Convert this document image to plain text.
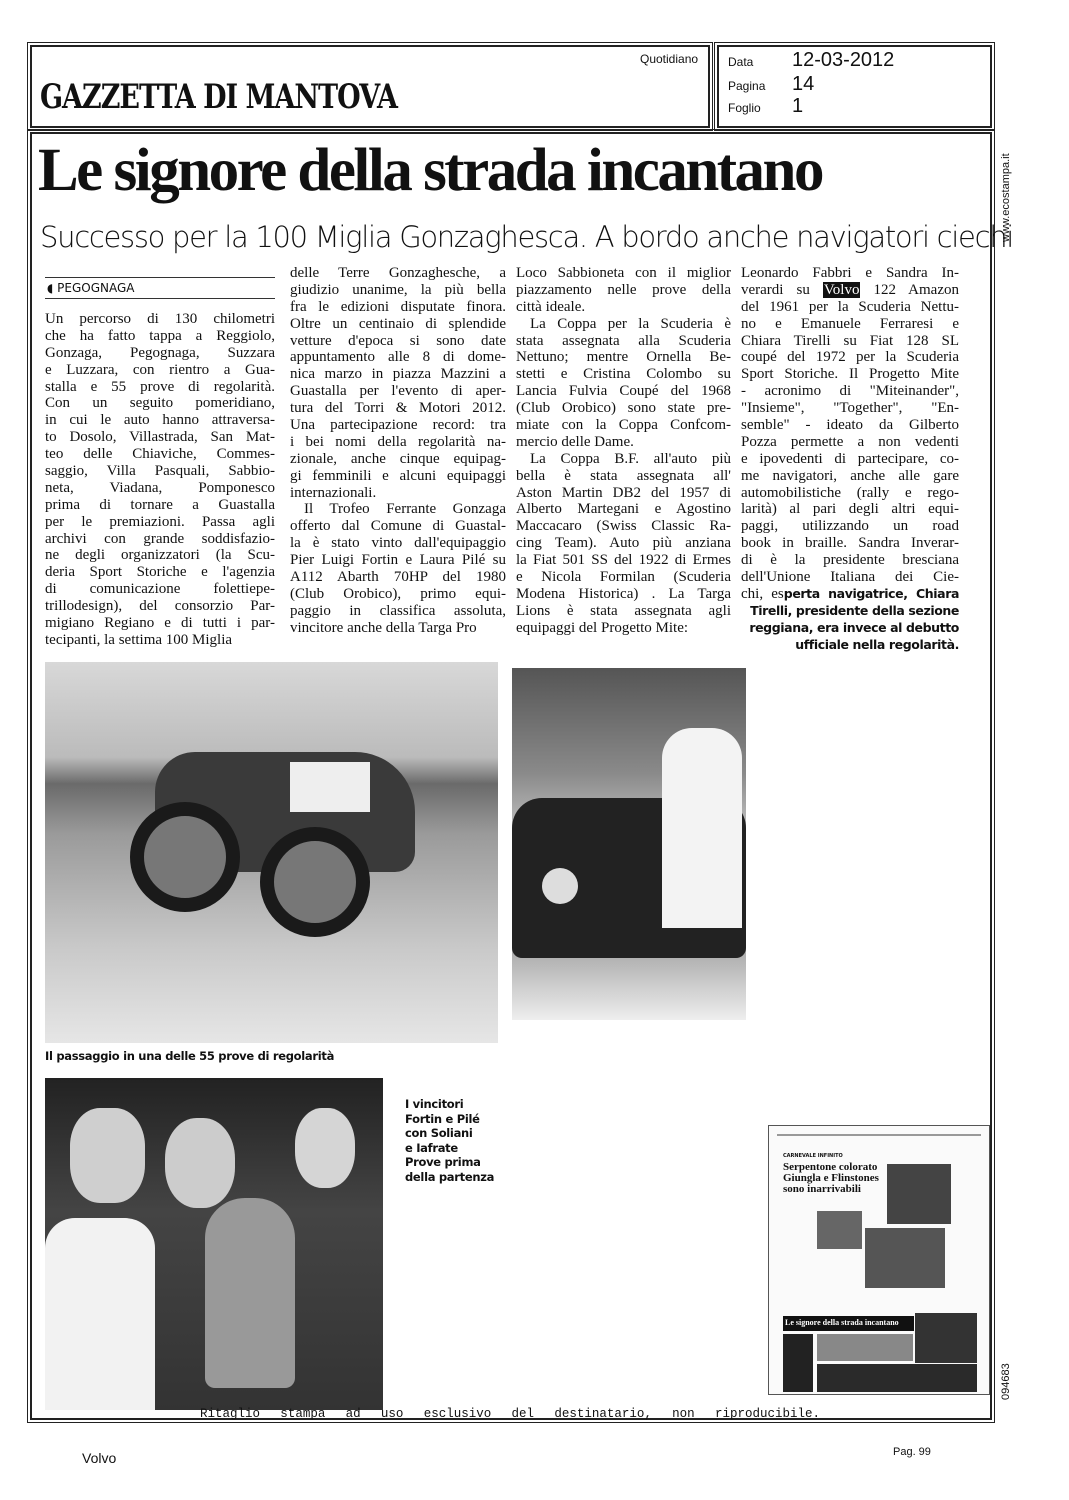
GAZZETTA DI MANTOVA
Quotidiano Data 12-03-2012
Pagina 14
Foglio 1
www.ecostampa.it
094683
Le signore della strada incantano
Successo per la 100 Miglia Gonzaghesca. A bordo anche navigatori ciechi
◖ PEGOGNAGA
Un percorso di 130 chilometri
che ha fatto tappa a Reggiolo,
Gonzaga, Pegognaga, Suzzara
e Luzzara, con rientro a Gua-
stalla e 55 prove di regolarità.
Con un seguito pomeridiano,
in cui le auto hanno attraversa-
to Dosolo, Villastrada, San Mat-
teo delle Chiaviche, Commes-
saggio, Villa Pasquali, Sabbio-
neta, Viadana, Pomponesco
prima di tornare a Guastalla
per le premiazioni. Passa agli
archivi con grande soddisfazio-
ne degli organizzatori (la Scu-
deria Sport Storiche e l'agenzia
di comunicazione folettiepe-
trillodesign), del consorzio Par-
migiano Regiano e di tutti i par-
tecipanti, la settima 100 Miglia
delle Terre Gonzaghesche, a
giudizio unanime, la più bella
fra le edizioni disputate finora.
Oltre un centinaio di splendide
vetture d'epoca si sono date
appuntamento alle 8 di dome-
nica marzo in piazza Mazzini a
Guastalla per l'evento di aper-
tura del Torri & Motori 2012.
Una partecipazione record: tra
i bei nomi della regolarità na-
zionale, anche cinque equipag-
gi femminili e alcuni equipaggi
internazionali.
Il Trofeo Ferrante Gonzaga
offerto dal Comune di Guastal-
la è stato vinto dall'equipaggio
Pier Luigi Fortin e Laura Pilé su
A112 Abarth 70HP del 1980
(Club Orobico), primo equi-
paggio in classifica assoluta,
vincitore anche della Targa Pro
Loco Sabbioneta con il miglior
piazzamento nelle prove della
città ideale.
La Coppa per la Scuderia è
stata assegnata alla Scuderia
Nettuno; mentre Ornella Be-
stetti e Cristina Colombo su
Lancia Fulvia Coupé del 1968
(Club Orobico) sono state pre-
miate con la Coppa Confcom-
mercio delle Dame.
La Coppa B.F. all'auto più
bella è stata assegnata all'
Aston Martin DB2 del 1957 di
Alberto Martegani e Agostino
Maccacaro (Swiss Classic Ra-
cing Team). Auto più anziana
la Fiat 501 SS del 1922 di Ermes
e Nicola Formilan (Scuderia
Modena Historica) . La Targa
Lions è stata assegnata agli
equipaggi del Progetto Mite:
Leonardo Fabbri e Sandra In-
verardi su Volvo 122 Amazon
del 1961 per la Scuderia Nettu-
no e Emanuele Ferraresi e
Chiara Tirelli su Fiat 128 SL
coupé del 1972 per la Scuderia
Sport Storiche. Il Progetto Mite
- acronimo di "Miteinander",
"Insieme", "Together", "En-
semble" - ideato da Gilberto
Pozza permette a non vedenti
e ipovedenti di partecipare, co-
me navigatori, anche alle gare
automobilistiche (rally e rego-
larità) al pari degli altri equi-
paggi, utilizzando un road
book in braille. Sandra Inverar-
di è la presidente bresciana
dell'Unione Italiana dei Cie-
chi, esperta navigatrice, Chiara
Tirelli, presidente della sezione
reggiana, era invece al debutto
ufficiale nella regolarità.
Il passaggio in una delle 55 prove di regolarità
I vincitori
Fortin e Pilé
con Soliani
e Iafrate
Prove prima
della partenza
CARNEVALE INFINITO
Serpentone colorato Giungla e Flinstones sono inarrivabili
Le signore della strada incantano
Ritaglio stampa ad uso esclusivo del destinatario, non riproducibile.
Volvo	Pag. 99
